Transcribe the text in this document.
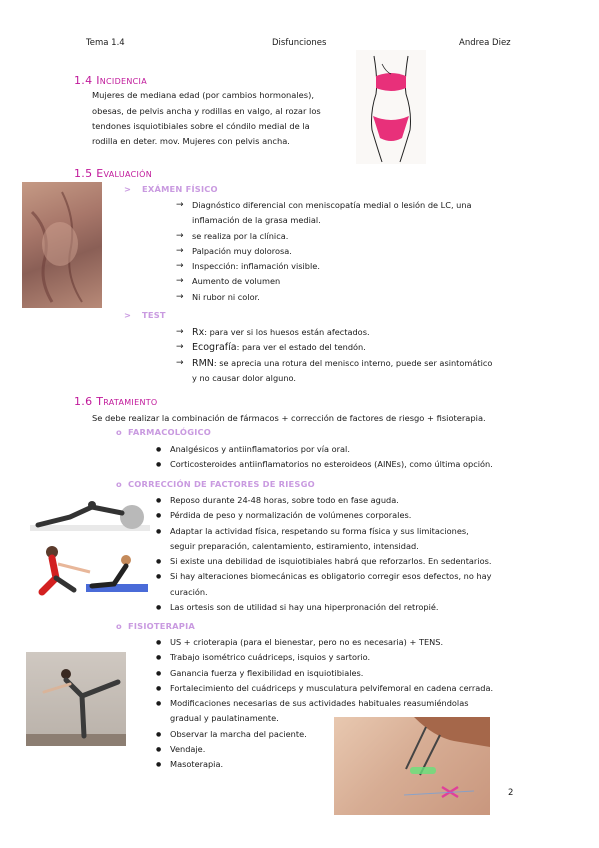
Tema 1.4	Disfunciones	Andrea Diez
1.4 Incidencia
Mujeres de mediana edad (por cambios hormonales),
obesas, de pelvis ancha y rodillas en valgo, al rozar los
tendones isquiotibiales sobre el cóndilo medial de la
rodilla en deter. mov. Mujeres con pelvis ancha.
1.5 Evaluación
> EXÁMEN FÍSICO
→ Diagnóstico diferencial con meniscopatía medial o lesión de LC, una
inflamación de la grasa medial.
→ se realiza por la clínica.
→ Palpación muy dolorosa.
→ Inspección: inflamación visible.
→ Aumento de volumen
→ Ni rubor ni color.
> TEST
→ Rx: para ver si los huesos están afectados.
→ Ecografía: para ver el estado del tendón.
→ RMN: se aprecia una rotura del menisco interno, puede ser asintomático
y no causar dolor alguno.
1.6 Tratamiento
Se debe realizar la combinación de fármacos + corrección de factores de riesgo + fisioterapia.
o FARMACOLÓGICO
● Analgésicos y antiinflamatorios por vía oral.
● Corticosteroides antiinflamatorios no esteroideos (AINEs), como última opción.
o CORRECCIÓN DE FACTORES DE RIESGO
● Reposo durante 24-48 horas, sobre todo en fase aguda.
● Pérdida de peso y normalización de volúmenes corporales.
● Adaptar la actividad física, respetando su forma física y sus limitaciones,
seguir preparación, calentamiento, estiramiento, intensidad.
● Si existe una debilidad de isquiotibiales habrá que reforzarlos. En sedentarios.
● Si hay alteraciones biomecánicas es obligatorio corregir esos defectos, no hay
curación.
● Las ortesis son de utilidad si hay una hiperpronación del retropié.
o FISIOTERAPIA
● US + crioterapia (para el bienestar, pero no es necesaria) + TENS.
● Trabajo isométrico cuádriceps, isquios y sartorio.
● Ganancia fuerza y flexibilidad en isquiotibiales.
● Fortalecimiento del cuádriceps y musculatura pelvifemoral en cadena cerrada.
● Modificaciones necesarias de sus actividades habituales reasumiéndolas
gradual y paulatinamente.
● Observar la marcha del paciente.
● Vendaje.
● Masoterapia.
2
